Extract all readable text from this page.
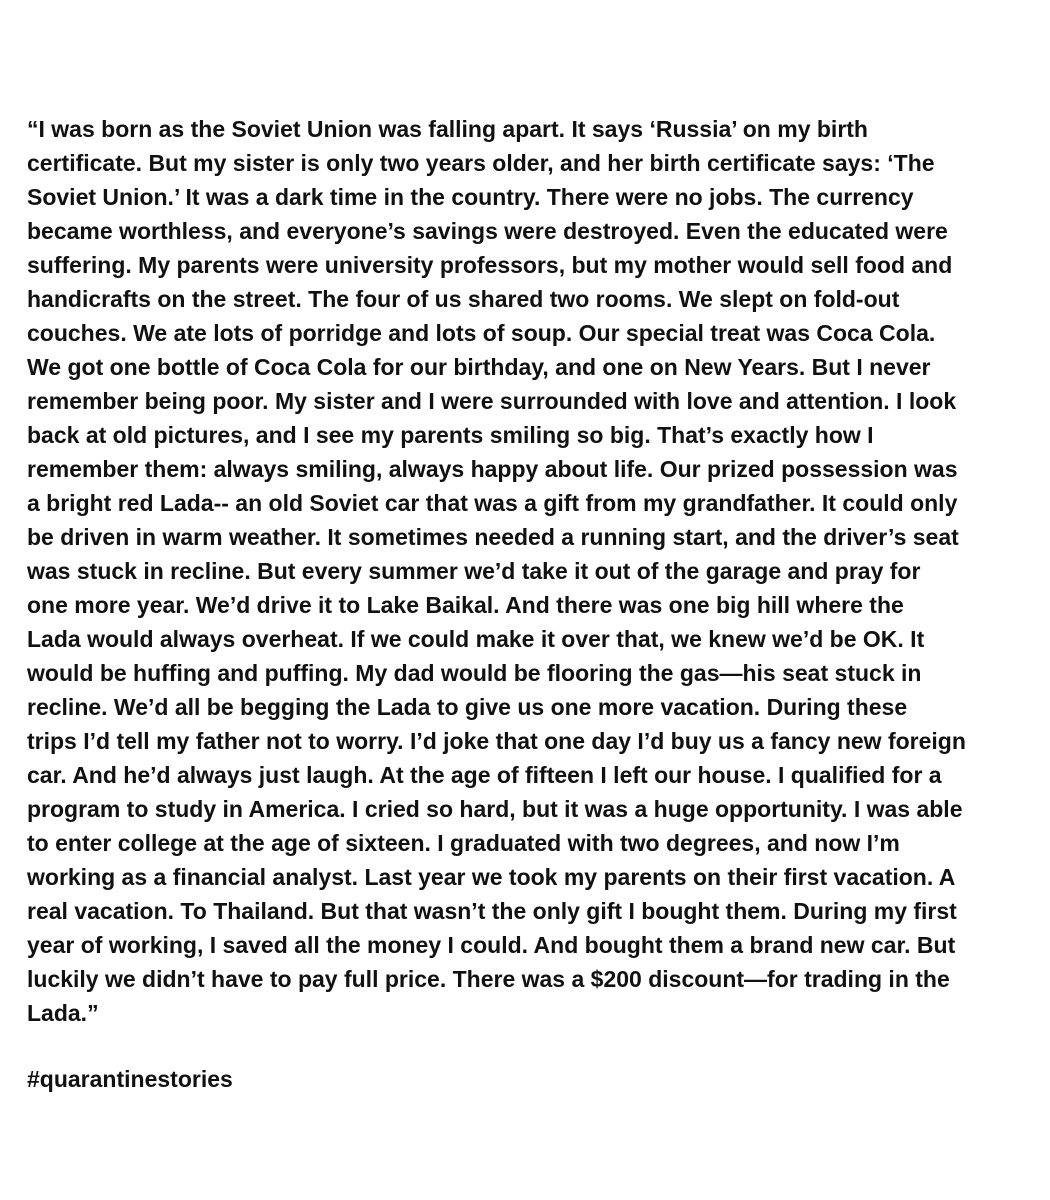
“I was born as the Soviet Union was falling apart. It says ‘Russia’ on my birth
certificate. But my sister is only two years older, and her birth certificate says: ‘The
Soviet Union.’ It was a dark time in the country. There were no jobs. The currency
became worthless, and everyone’s savings were destroyed. Even the educated were
suffering. My parents were university professors, but my mother would sell food and
handicrafts on the street. The four of us shared two rooms. We slept on fold-out
couches. We ate lots of porridge and lots of soup. Our special treat was Coca Cola.
We got one bottle of Coca Cola for our birthday, and one on New Years. But I never
remember being poor. My sister and I were surrounded with love and attention. I look
back at old pictures, and I see my parents smiling so big. That’s exactly how I
remember them: always smiling, always happy about life. Our prized possession was
a bright red Lada-- an old Soviet car that was a gift from my grandfather. It could only
be driven in warm weather. It sometimes needed a running start, and the driver’s seat
was stuck in recline. But every summer we’d take it out of the garage and pray for
one more year. We’d drive it to Lake Baikal. And there was one big hill where the
Lada would always overheat. If we could make it over that, we knew we’d be OK. It
would be huffing and puffing. My dad would be flooring the gas—his seat stuck in
recline. We’d all be begging the Lada to give us one more vacation. During these
trips I’d tell my father not to worry. I’d joke that one day I’d buy us a fancy new foreign
car. And he’d always just laugh. At the age of fifteen I left our house. I qualified for a
program to study in America. I cried so hard, but it was a huge opportunity. I was able
to enter college at the age of sixteen. I graduated with two degrees, and now I’m
working as a financial analyst. Last year we took my parents on their first vacation. A
real vacation. To Thailand. But that wasn’t the only gift I bought them. During my first
year of working, I saved all the money I could. And bought them a brand new car. But
luckily we didn’t have to pay full price. There was a $200 discount—for trading in the
Lada.”

#quarantinestories
